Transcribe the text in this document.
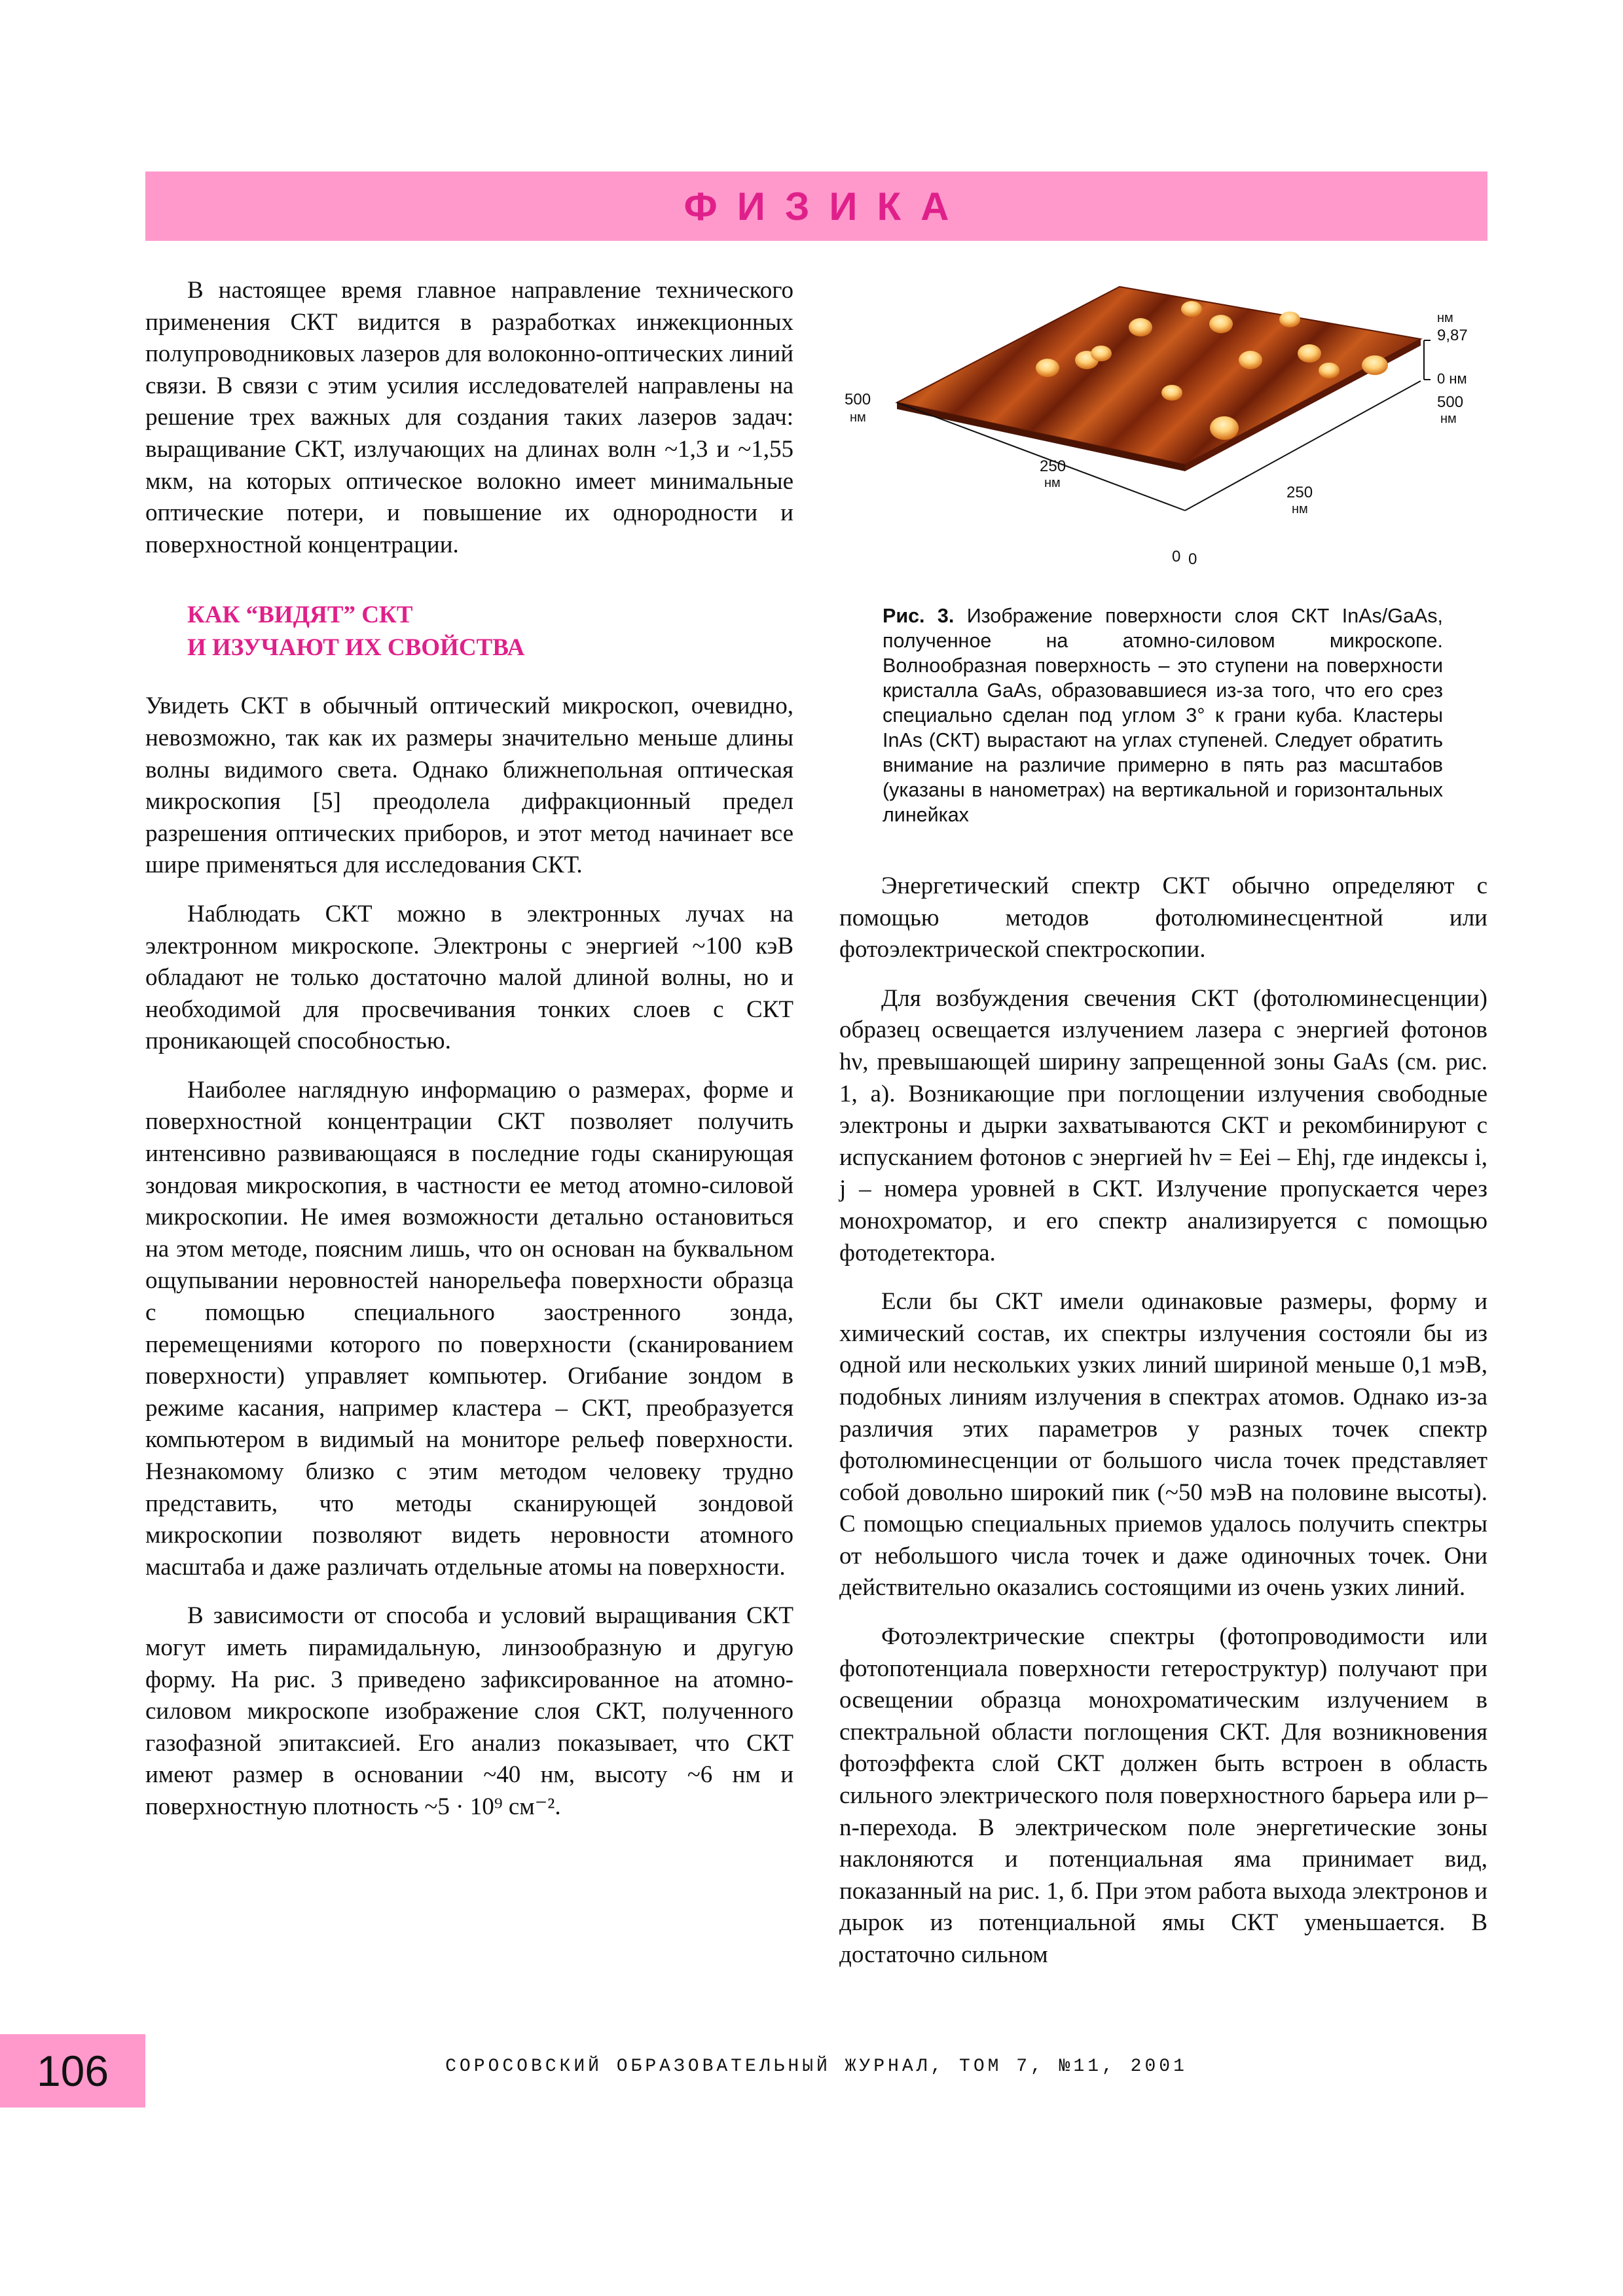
ФИЗИКА

В настоящее время главное направление технического применения СКТ видится в разработках инжекционных полупроводниковых лазеров для волоконно-оптических линий связи. В связи с этим усилия исследователей направлены на решение трех важных для создания таких лазеров задач: выращивание СКТ, излучающих на длинах волн ~1,3 и ~1,55 мкм, на которых оптическое волокно имеет минимальные оптические потери, и повышение их однородности и поверхностной концентрации.

КАК “ВИДЯТ” СКТ
И ИЗУЧАЮТ ИХ СВОЙСТВА

Увидеть СКТ в обычный оптический микроскоп, очевидно, невозможно, так как их размеры значительно меньше длины волны видимого света. Однако ближнепольная оптическая микроскопия [5] преодолела дифракционный предел разрешения оптических приборов, и этот метод начинает все шире применяться для исследования СКТ.

Наблюдать СКТ можно в электронных лучах на электронном микроскопе. Электроны с энергией ~100 кэВ обладают не только достаточно малой длиной волны, но и необходимой для просвечивания тонких слоев с СКТ проникающей способностью.

Наиболее наглядную информацию о размерах, форме и поверхностной концентрации СКТ позволяет получить интенсивно развивающаяся в последние годы сканирующая зондовая микроскопия, в частности ее метод атомно-силовой микроскопии. Не имея возможности детально остановиться на этом методе, поясним лишь, что он основан на буквальном ощупывании неровностей нанорельефа поверхности образца с помощью специального заостренного зонда, перемещениями которого по поверхности (сканированием поверхности) управляет компьютер. Огибание зондом в режиме касания, например кластера – СКТ, преобразуется компьютером в видимый на мониторе рельеф поверхности. Незнакомому близко с этим методом человеку трудно представить, что методы сканирующей зондовой микроскопии позволяют видеть неровности атомного масштаба и даже различать отдельные атомы на поверхности.

В зависимости от способа и условий выращивания СКТ могут иметь пирамидальную, линзообразную и другую форму. На рис. 3 приведено зафиксированное на атомно-силовом микроскопе изображение слоя СКТ, полученного газофазной эпитаксией. Его анализ показывает, что СКТ имеют размер в основании ~40 нм, высоту ~6 нм и поверхностную плотность ~5 · 10⁹ см⁻².

500
нм
250
нм
250
нм
0 0
нм
9,87
0 нм
500
нм
Рис. 3. Изображение поверхности слоя СКТ InAs/GaAs, полученное на атомно-силовом микроскопе. Волнообразная поверхность – это ступени на поверхности кристалла GaAs, образовавшиеся из-за того, что его срез специально сделан под углом 3° к грани куба. Кластеры InAs (СКТ) вырастают на углах ступеней. Следует обратить внимание на различие примерно в пять раз масштабов (указаны в нанометрах) на вертикальной и горизонтальных линейках

Энергетический спектр СКТ обычно определяют с помощью методов фотолюминесцентной или фотоэлектрической спектроскопии.

Для возбуждения свечения СКТ (фотолюминесценции) образец освещается излучением лазера с энергией фотонов hν, превышающей ширину запрещенной зоны GaAs (см. рис. 1, а). Возникающие при поглощении излучения свободные электроны и дырки захватываются СКТ и рекомбинируют с испусканием фотонов с энергией hν = Eei – Ehj, где индексы i, j – номера уровней в СКТ. Излучение пропускается через монохроматор, и его спектр анализируется с помощью фотодетектора.

Если бы СКТ имели одинаковые размеры, форму и химический состав, их спектры излучения состояли бы из одной или нескольких узких линий шириной меньше 0,1 мэВ, подобных линиям излучения в спектрах атомов. Однако из-за различия этих параметров у разных точек спектр фотолюминесценции от большого числа точек представляет собой довольно широкий пик (~50 мэВ на половине высоты). С помощью специальных приемов удалось получить спектры от небольшого числа точек и даже одиночных точек. Они действительно оказались состоящими из очень узких линий.

Фотоэлектрические спектры (фотопроводимости или фотопотенциала поверхности гетероструктур) получают при освещении образца монохроматическим излучением в спектральной области поглощения СКТ. Для возникновения фотоэффекта слой СКТ должен быть встроен в область сильного электрического поля поверхностного барьера или p–n-перехода. В электрическом поле энергетические зоны наклоняются и потенциальная яма принимает вид, показанный на рис. 1, б. При этом работа выхода электронов и дырок из потенциальной ямы СКТ уменьшается. В достаточно сильном

106	СОРОСОВСКИЙ ОБРАЗОВАТЕЛЬНЫЙ ЖУРНАЛ, ТОМ 7, №11, 2001
